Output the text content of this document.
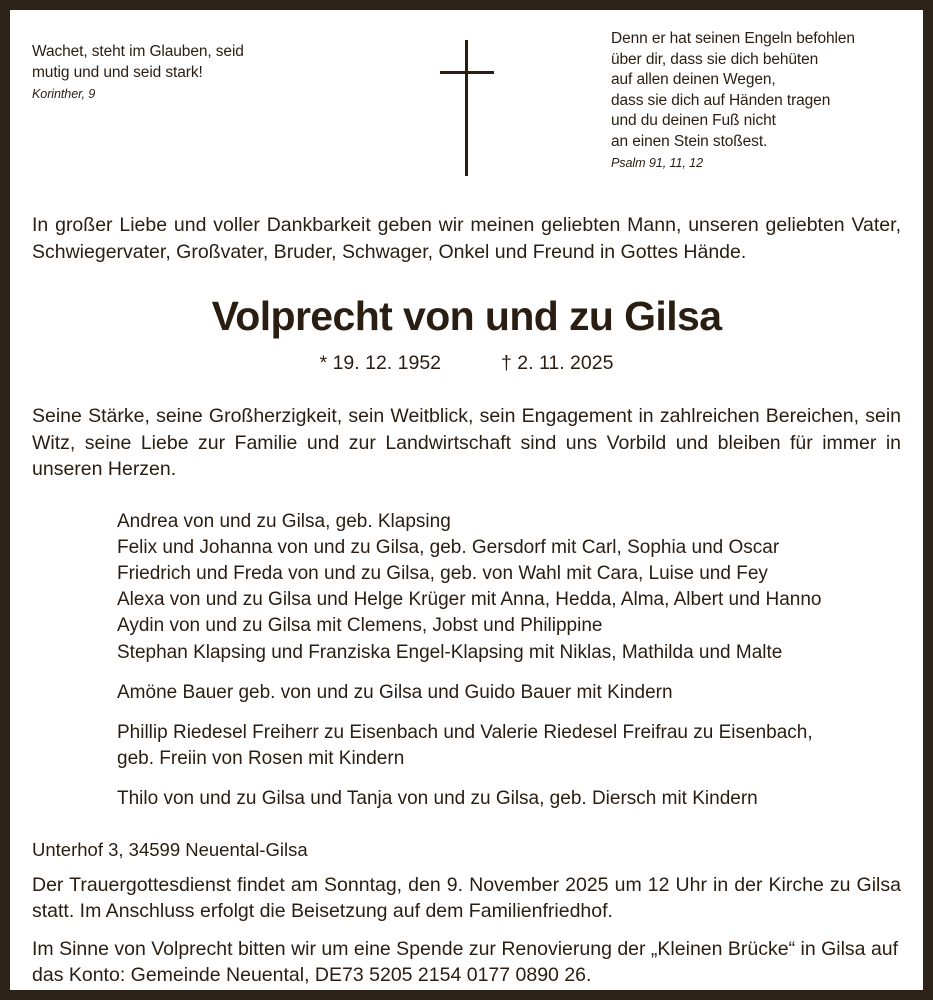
Wachet, steht im Glauben, seid
mutig und und seid stark!
Korinther, 9
Denn er hat seinen Engeln befohlen
über dir, dass sie dich behüten
auf allen deinen Wegen,
dass sie dich auf Händen tragen
und du deinen Fuß nicht
an einen Stein stoßest.
Psalm 91, 11, 12

In großer Liebe und voller Dankbarkeit geben wir meinen geliebten Mann, unseren geliebten Vater, Schwiegervater, Großvater, Bruder, Schwager, Onkel und Freund in Gottes Hände.

Volprecht von und zu Gilsa
* 19. 12. 1952	† 2. 11. 2025

Seine Stärke, seine Großherzigkeit, sein Weitblick, sein Engagement in zahlreichen Bereichen, sein Witz, seine Liebe zur Familie und zur Landwirtschaft sind uns Vorbild und bleiben für immer in unseren Herzen.

Andrea von und zu Gilsa, geb. Klapsing
Felix und Johanna von und zu Gilsa, geb. Gersdorf mit Carl, Sophia und Oscar
Friedrich und Freda von und zu Gilsa, geb. von Wahl mit Cara, Luise und Fey
Alexa von und zu Gilsa und Helge Krüger mit Anna, Hedda, Alma, Albert und Hanno
Aydin von und zu Gilsa mit Clemens, Jobst und Philippine
Stephan Klapsing und Franziska Engel-Klapsing mit Niklas, Mathilda und Malte
Amöne Bauer geb. von und zu Gilsa und Guido Bauer mit Kindern
Phillip Riedesel Freiherr zu Eisenbach und Valerie Riedesel Freifrau zu Eisenbach,
geb. Freiin von Rosen mit Kindern
Thilo von und zu Gilsa und Tanja von und zu Gilsa, geb. Diersch mit Kindern

Unterhof 3, 34599 Neuental-Gilsa

Der Trauergottesdienst findet am Sonntag, den 9. November 2025 um 12 Uhr in der Kirche zu Gilsa statt. Im Anschluss erfolgt die Beisetzung auf dem Familienfriedhof.

Im Sinne von Volprecht bitten wir um eine Spende zur Renovierung der „Kleinen Brücke“ in Gilsa auf das Konto: Gemeinde Neuental, DE73 5205 2154 0177 0890 26.
